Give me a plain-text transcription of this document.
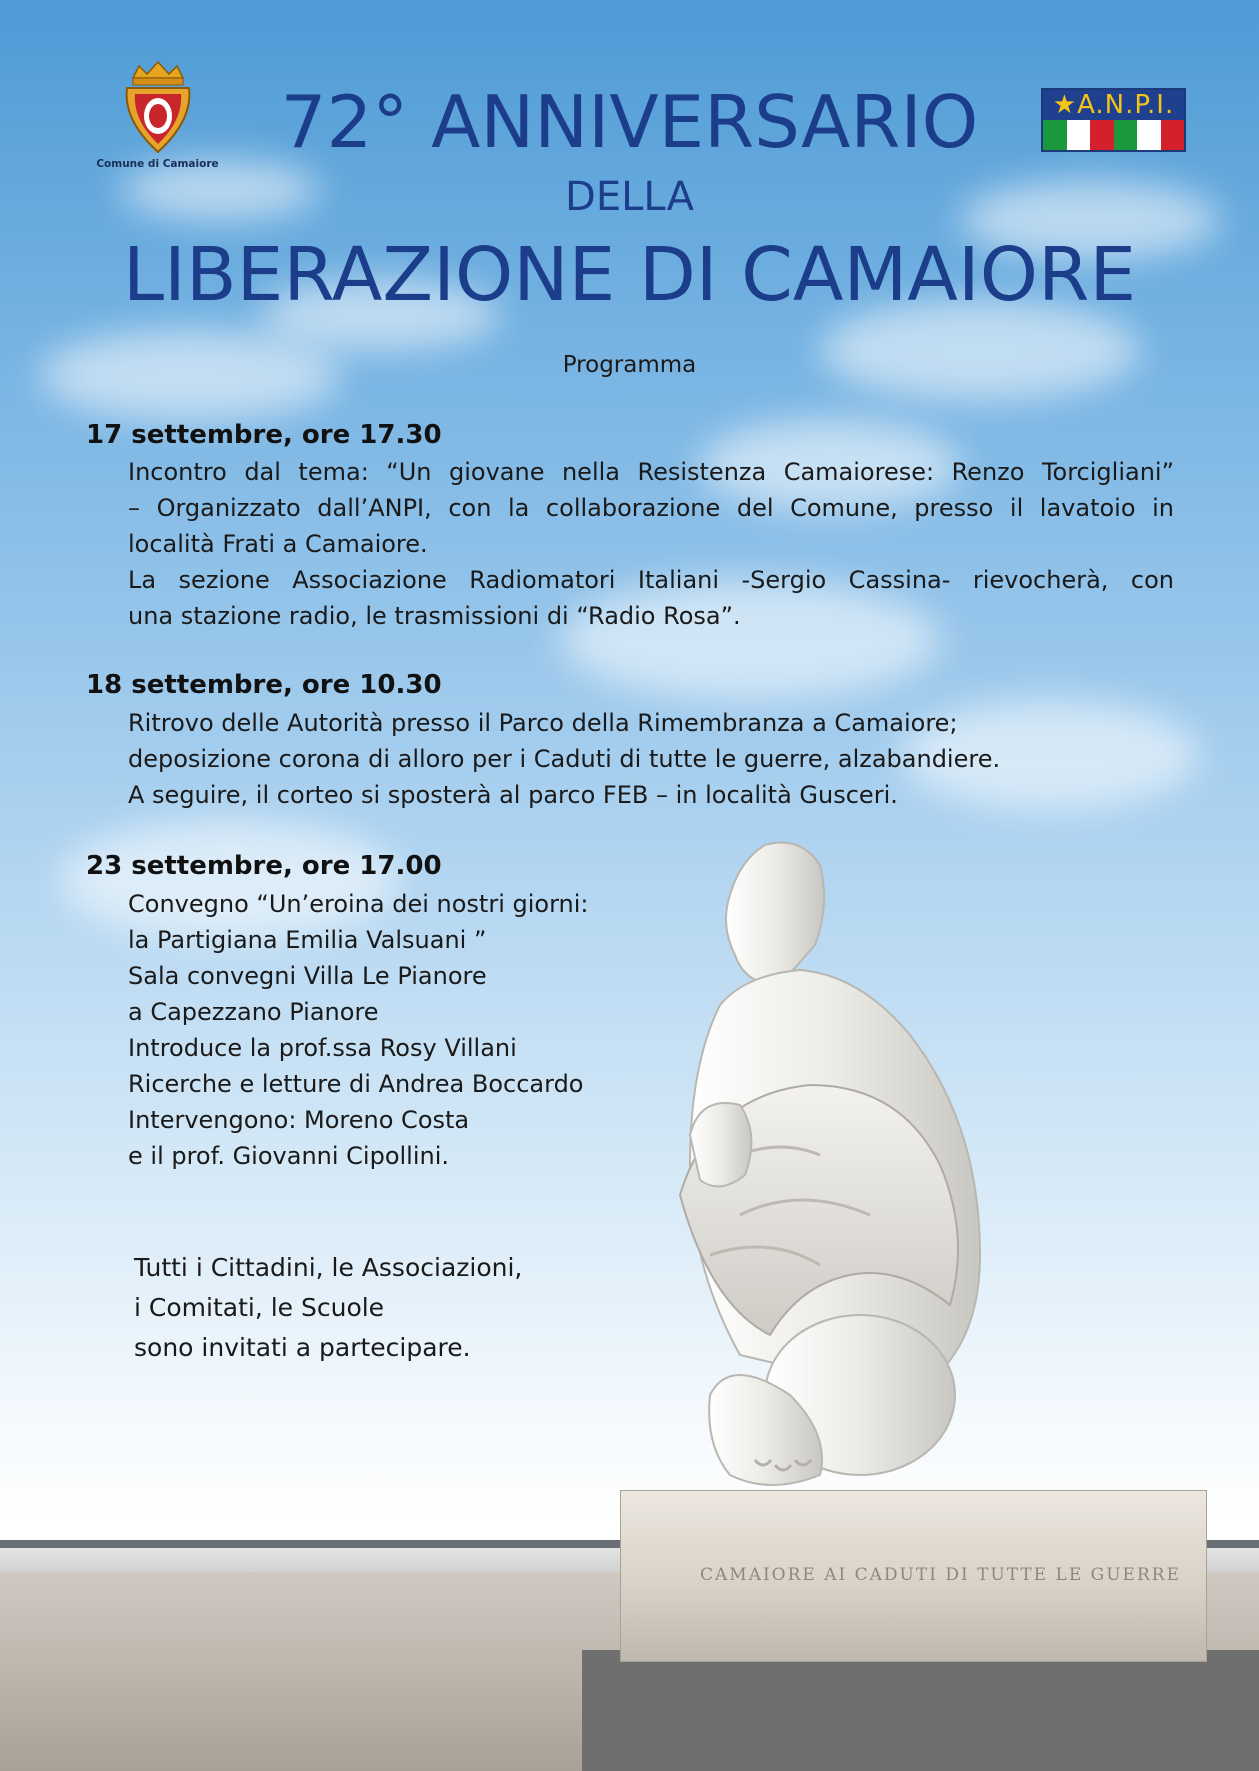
Comune di Camaiore
★A.N.P.I.
72° ANNIVERSARIO
DELLA
LIBERAZIONE DI CAMAIORE
Programma
17 settembre, ore 17.30
Incontro dal tema: “Un giovane nella Resistenza Camaiorese: Renzo Torcigliani”
– Organizzato dall’ANPI, con la collaborazione del Comune, presso il lavatoio in
località Frati a Camaiore.
La sezione Associazione Radiomatori Italiani -Sergio Cassina- rievocherà, con
una stazione radio, le trasmissioni di “Radio Rosa”.
18 settembre, ore 10.30
Ritrovo delle Autorità presso il Parco della Rimembranza a Camaiore;
deposizione corona di alloro per i Caduti di tutte le guerre, alzabandiere.
A seguire, il corteo si sposterà al parco FEB – in località Gusceri.
23 settembre, ore 17.00
Convegno “Un’eroina dei nostri giorni:
la Partigiana Emilia Valsuani ”
Sala convegni Villa Le Pianore
a Capezzano Pianore
Introduce la prof.ssa Rosy Villani
Ricerche e letture di Andrea Boccardo
Intervengono: Moreno Costa
e il prof. Giovanni Cipollini.
Tutti i Cittadini, le Associazioni,
i Comitati, le Scuole
sono invitati a partecipare.
CAMAIORE AI CADUTI DI TUTTE LE GUERRE
